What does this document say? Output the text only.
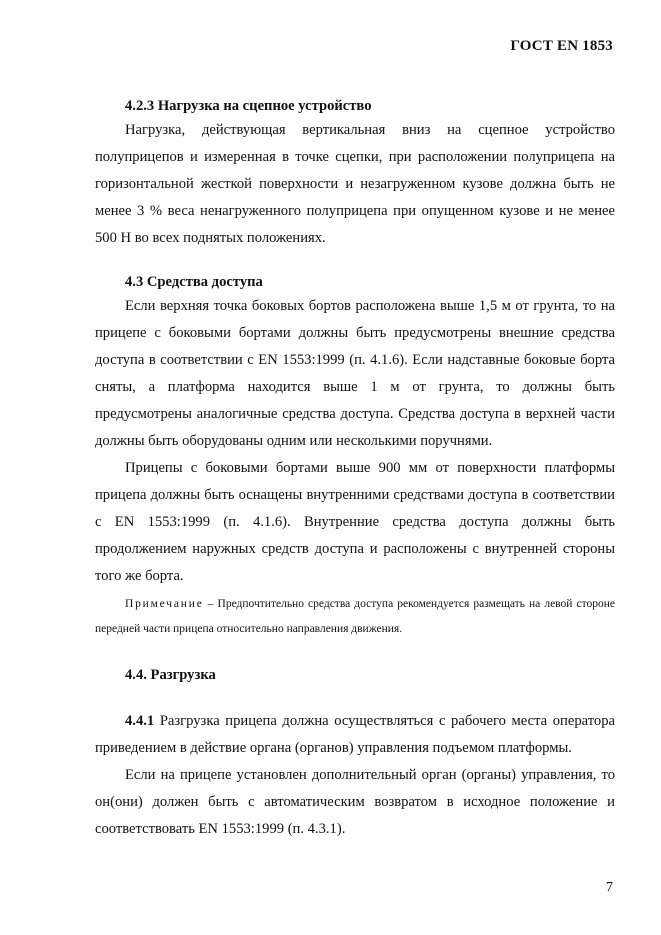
ГОСТ EN 1853

4.2.3 Нагрузка на сцепное устройство

Нагрузка, действующая вертикальная вниз на сцепное устройство полуприцепов и измеренная в точке сцепки, при расположении полуприцепа на горизонтальной жесткой поверхности и незагруженном кузове должна быть не менее 3 % веса ненагруженного полуприцепа при опущенном кузове и не менее 500 Н во всех поднятых положениях.

4.3 Средства доступа

Если верхняя точка боковых бортов расположена выше 1,5 м от грунта, то на прицепе с боковыми бортами должны быть предусмотрены внешние средства доступа в соответствии с EN 1553:1999 (п. 4.1.6). Если надставные боковые борта сняты, а платформа находится выше 1 м от грунта, то должны быть предусмотрены аналогичные средства доступа. Средства доступа в верхней части должны быть оборудованы одним или несколькими поручнями.

Прицепы с боковыми бортами выше 900 мм от поверхности платформы прицепа должны быть оснащены внутренними средствами доступа в соответствии с EN 1553:1999 (п. 4.1.6). Внутренние средства доступа должны быть продолжением наружных средств доступа и расположены с внутренней стороны того же борта.

Примечание – Предпочтительно средства доступа рекомендуется размещать на левой стороне передней части прицепа относительно направления движения.

4.4. Разгрузка

4.4.1 Разгрузка прицепа должна осуществляться с рабочего места оператора приведением в действие органа (органов) управления подъемом платформы.

Если на прицепе установлен дополнительный орган (органы) управления, то он(они) должен быть с автоматическим возвратом в исходное положение и соответствовать EN 1553:1999 (п. 4.3.1).

7
